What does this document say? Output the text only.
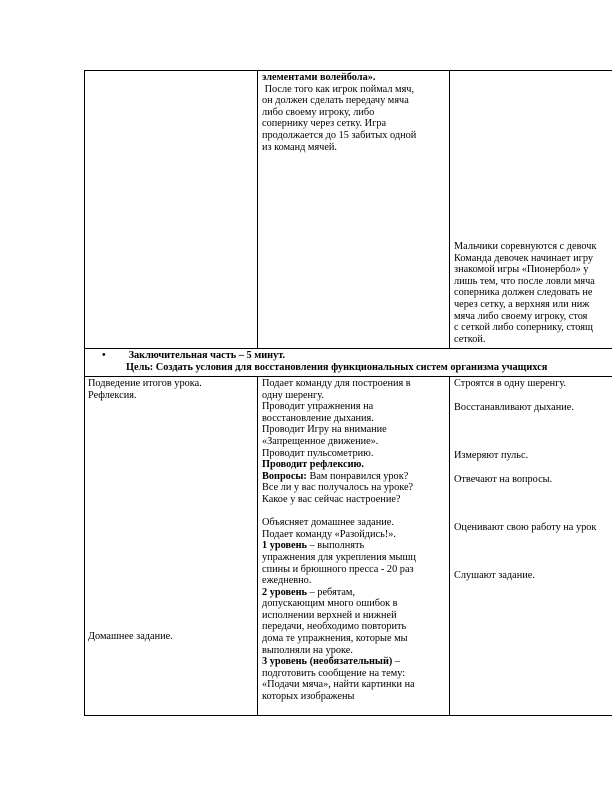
элементами волейбола».
После того как игрок поймал мяч,
он должен сделать передачу мяча
либо своему игроку, либо
сопернику через сетку. Игра
продолжается до 15 забитых одной
из команд мячей.
Мальчики соревнуются с девочк
Команда девочек начинает игру
знакомой игры «Пионербол» у
лишь тем, что после ловли мяча
соперника должен следовать не
через сетку, а верхняя или ниж
мяча либо своему игроку, стоя
с сеткой либо сопернику, стоящ
сеткой.
• Заключительная часть – 5 минут.
Цель: Создать условия для восстановления функциональных систем организма учащихся
Подведение итогов урока.
Рефлексия.
Домашнее задание.
Подает команду для построения в
одну шеренгу.
Проводит упражнения на
восстановление дыхания.
Проводит Игру на внимание
«Запрещенное движение».
Проводит пульсометрию.
Проводит рефлексию.
Вопросы: Вам понравился урок?
Все ли у вас получалось на уроке?
Какое у вас сейчас настроение?
Объясняет домашнее задание.
Подает команду «Разойдись!».
1 уровень – выполнять
упражнения для укрепления мышц
спины и брюшного пресса - 20 раз
ежедневно.
2 уровень – ребятам,
допускающим много ошибок в
исполнении верхней и нижней
передачи, необходимо повторить
дома те упражнения, которые мы
выполняли на уроке.
3 уровень (необязательный) –
подготовить сообщение на тему:
«Подачи мяча», найти картинки на
которых изображены
Строятся в одну шеренгу.
Восстанавливают дыхание.
Измеряют пульс.
Отвечают на вопросы.
Оценивают свою работу на урок
Слушают задание.
